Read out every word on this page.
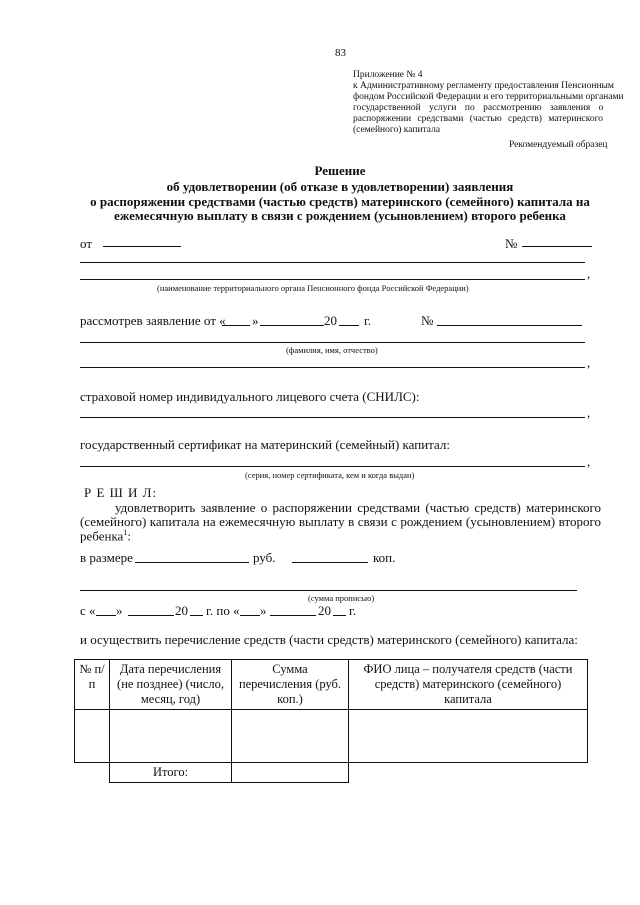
83
Приложение № 4
к Административному регламенту предоставления Пенсионным
фондом Российской Федерации и его территориальными органами
государственной услуги по рассмотрению заявления о
распоряжении средствами (частью средств) материнского
(семейного) капитала
Рекомендуемый образец
Решение
об удовлетворении (об отказе в удовлетворении) заявления
о распоряжении средствами (частью средств) материнского (семейного) капитала на
ежемесячную выплату в связи с рождением (усыновлением) второго ребенка
от	№
,
(наименование территориального органа Пенсионного фонда Российской Федерации)
рассмотрев заявление от « »	20 г.	№
(фамилия, имя, отчество)
,
страховой номер индивидуального лицевого счета (СНИЛС):
,
государственный сертификат на материнский (семейный) капитал:
,
(серия, номер сертификата, кем и когда выдан)
Р Е Ш И Л:
удовлетворить заявление о распоряжении средствами (частью средств) материнского
(семейного) капитала на ежемесячную выплату в связи с рождением (усыновлением) второго
ребенка$^1$:
в размере	руб.	коп.
(сумма прописью)
с « »	20 г. по « »	20 г.
и осуществить перечисление средств (части средств) материнского (семейного) капитала:
№ п/п	Дата перечисления (не позднее) (число, месяц, год)	Сумма перечисления (руб. коп.)	ФИО лица – получателя средств (части средств) материнского (семейного) капитала

	Итого:		
